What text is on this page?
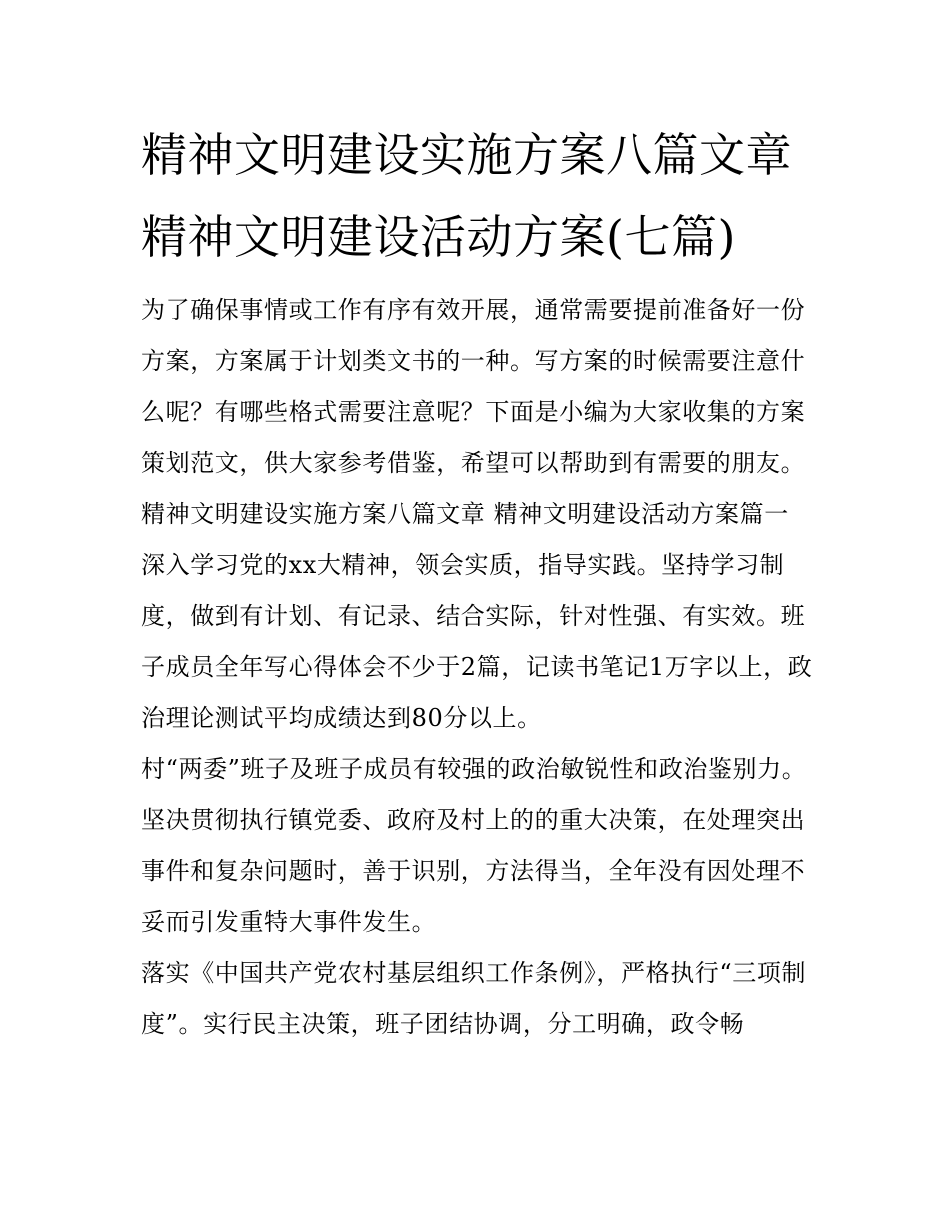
精神文明建设实施方案八篇文章 精神文明建设活动方案(七篇)

为了确保事情或工作有序有效开展，通常需要提前准备好一份方案，方案属于计划类文书的一种。写方案的时候需要注意什么呢？有哪些格式需要注意呢？下面是小编为大家收集的方案策划范文，供大家参考借鉴，希望可以帮助到有需要的朋友。

精神文明建设实施方案八篇文章 精神文明建设活动方案篇一

深入学习党的xx大精神，领会实质，指导实践。坚持学习制度，做到有计划、有记录、结合实际，针对性强、有实效。班子成员全年写心得体会不少于2篇，记读书笔记1万字以上，政治理论测试平均成绩达到80分以上。

村“两委”班子及班子成员有较强的政治敏锐性和政治鉴别力。坚决贯彻执行镇党委、政府及村上的的重大决策，在处理突出事件和复杂问题时，善于识别，方法得当，全年没有因处理不妥而引发重特大事件发生。

落实《中国共产党农村基层组织工作条例》，严格执行“三项制度”。实行民主决策，班子团结协调，分工明确，政令畅
